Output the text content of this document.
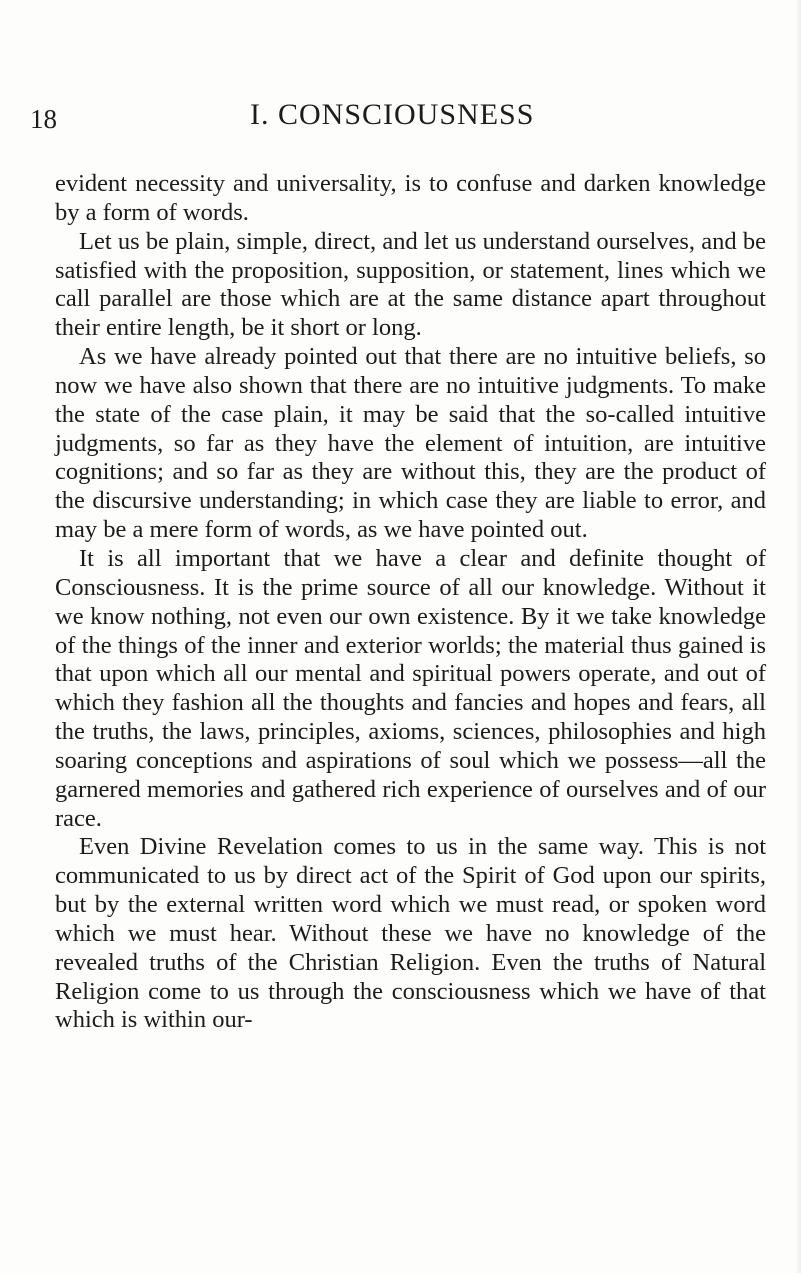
18	I. CONSCIOUSNESS

evident necessity and universality, is to confuse and darken knowledge by a form of words.

Let us be plain, simple, direct, and let us understand ourselves, and be satisfied with the proposition, supposition, or statement, lines which we call parallel are those which are at the same distance apart throughout their entire length, be it short or long.

As we have already pointed out that there are no intuitive beliefs, so now we have also shown that there are no intuitive judgments. To make the state of the case plain, it may be said that the so-called intuitive judgments, so far as they have the element of intuition, are intuitive cognitions; and so far as they are without this, they are the product of the discursive understanding; in which case they are liable to error, and may be a mere form of words, as we have pointed out.

It is all important that we have a clear and definite thought of Consciousness. It is the prime source of all our knowledge. Without it we know nothing, not even our own existence. By it we take knowledge of the things of the inner and exterior worlds; the material thus gained is that upon which all our mental and spiritual powers operate, and out of which they fashion all the thoughts and fancies and hopes and fears, all the truths, the laws, principles, axioms, sciences, philosophies and high soaring conceptions and aspirations of soul which we possess—all the garnered memories and gathered rich experience of ourselves and of our race.

Even Divine Revelation comes to us in the same way. This is not communicated to us by direct act of the Spirit of God upon our spirits, but by the external written word which we must read, or spoken word which we must hear. Without these we have no knowledge of the revealed truths of the Christian Religion. Even the truths of Natural Religion come to us through the consciousness which we have of that which is within our-
